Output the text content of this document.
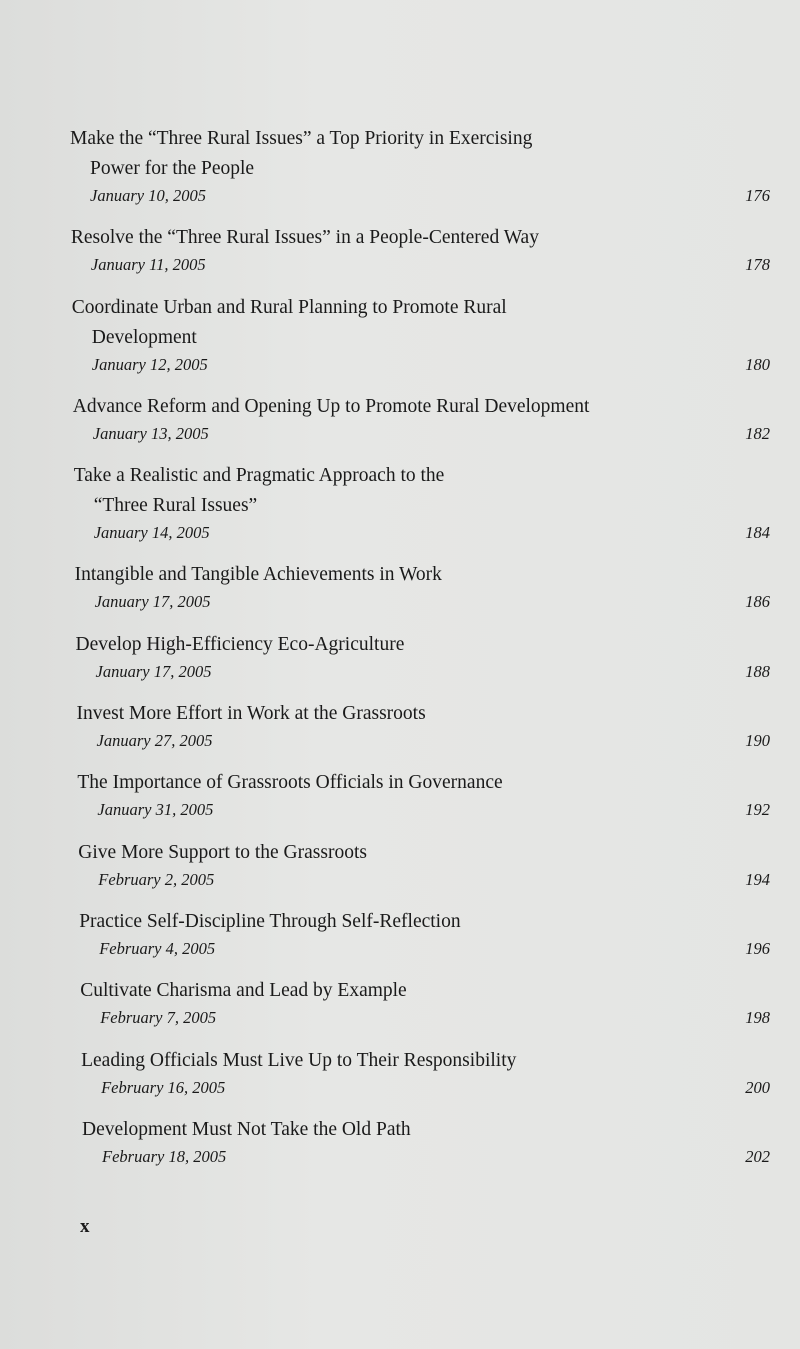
Make the “Three Rural Issues” a Top Priority in Exercising
Power for the People
January 10, 2005	176
Resolve the “Three Rural Issues” in a People-Centered Way
January 11, 2005	178
Coordinate Urban and Rural Planning to Promote Rural
Development
January 12, 2005	180
Advance Reform and Opening Up to Promote Rural Development
January 13, 2005	182
Take a Realistic and Pragmatic Approach to the
“Three Rural Issues”
January 14, 2005	184
Intangible and Tangible Achievements in Work
January 17, 2005	186
Develop High-Efficiency Eco-Agriculture
January 17, 2005	188
Invest More Effort in Work at the Grassroots
January 27, 2005	190
The Importance of Grassroots Officials in Governance
January 31, 2005	192
Give More Support to the Grassroots
February 2, 2005	194
Practice Self-Discipline Through Self-Reflection
February 4, 2005	196
Cultivate Charisma and Lead by Example
February 7, 2005	198
Leading Officials Must Live Up to Their Responsibility
February 16, 2005	200
Development Must Not Take the Old Path
February 18, 2005	202
x
